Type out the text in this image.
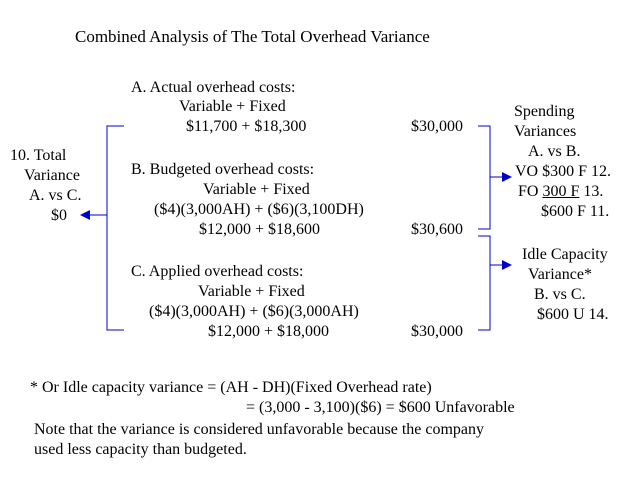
Combined Analysis of The Total Overhead Variance
A. Actual overhead costs:
Variable + Fixed
$11,700 + $18,300	$30,000
B. Budgeted overhead costs:
Variable + Fixed
($4)(3,000AH) + ($6)(3,100DH)
$12,000 + $18,600	$30,600
C. Applied overhead costs:
Variable + Fixed
($4)(3,000AH) + ($6)(3,000AH)
$12,000 + $18,000	$30,000
10. Total
Variance
A. vs C.
$0
Spending
Variances
A. vs B.
VO $300 F 12.
FO 300 F 13.
$600 F 11.
Idle Capacity
Variance*
B. vs C.
$600 U 14.
* Or Idle capacity variance = (AH - DH)(Fixed Overhead rate)
= (3,000 - 3,100)($6) = $600 Unfavorable
Note that the variance is considered unfavorable because the company
used less capacity than budgeted.
